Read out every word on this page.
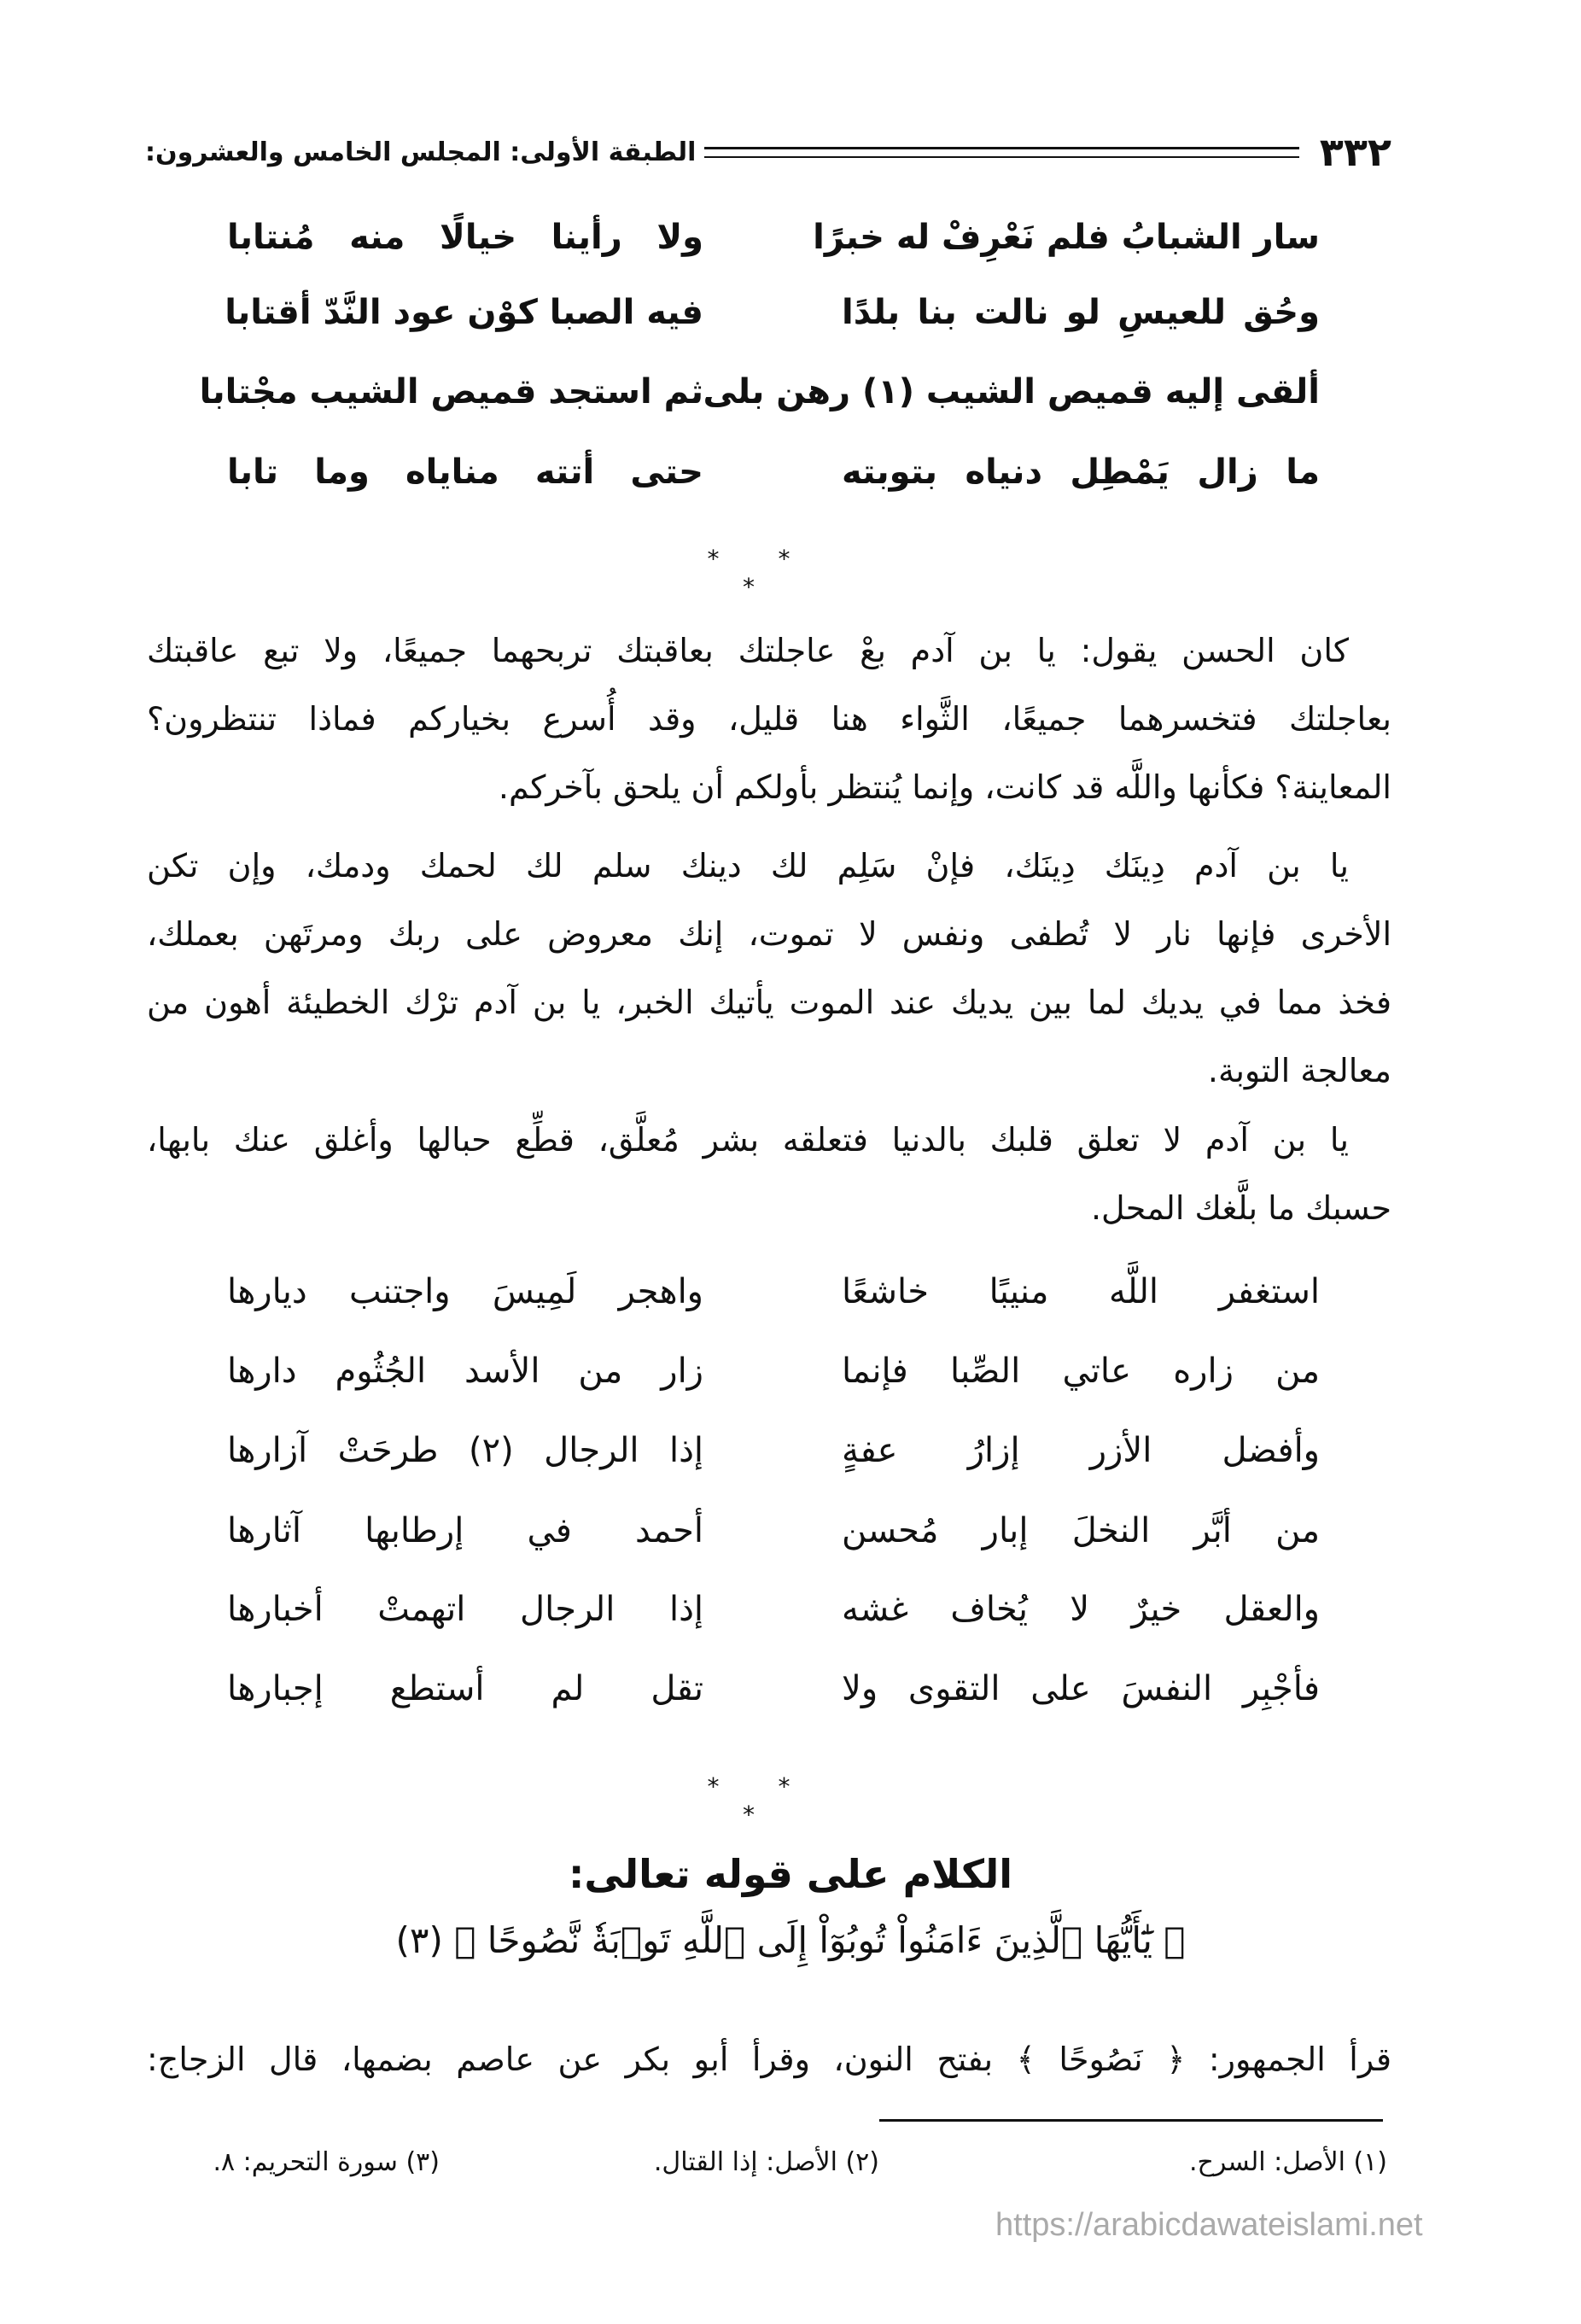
٣٣٢
الطبقة الأولى: المجلس الخامس والعشرون:
سار الشبابُ فلم نَعْرِفْ له خبرًا
ولا رأينا خيالًا منه مُنتابا
وحُق للعيسِ لو نالت بنا بلدًا
فيه الصبا كوْن عود النَّدّ أقتابا
ألقى إليه قميص الشيب (١) رهن بلى
ثم استجد قميص الشيب مجْتابا
ما زال يَمْطِل دنياه بتوبته
حتى أتته مناياه وما تابا
* * *
كان الحسن يقول: يا بن آدم بعْ عاجلتك بعاقبتك تربحهما جميعًا، ولا تبع عاقبتك
بعاجلتك فتخسرهما جميعًا، الثَّواء هنا قليل، وقد أُسرع بخياركم فماذا تنتظرون؟
المعاينة؟ فكأنها واللَّه قد كانت، وإنما يُنتظر بأولكم أن يلحق بآخركم.
يا بن آدم دِينَك دِينَك، فإنْ سَلِم لك دينك سلم لك لحمك ودمك، وإن تكن
الأخرى فإنها نار لا تُطفى ونفس لا تموت، إنك معروض على ربك ومرتَهن بعملك،
فخذ مما في يديك لما بين يديك عند الموت يأتيك الخبر، يا بن آدم ترْك الخطيئة أهون من
معالجة التوبة.
يا بن آدم لا تعلق قلبك بالدنيا فتعلقه بشر مُعلَّق، قطِّع حبالها وأغلق عنك بابها،
حسبك ما بلَّغك المحل.
استغفر اللَّه منيبًا خاشعًا
واهجر لَمِيسَ واجتنب ديارها
من زاره عاتي الصِّبا فإنما
زار من الأسد الجُثُوم دارها
وأفضل الأزر إزارُ عفةٍ
إذا الرجال (٢) طرحَتْ آزارها
من أبَّر النخلَ إبار مُحسن
أحمد في إرطابها آثارها
والعقل خيرٌ لا يُخاف غشه
إذا الرجال اتهمتْ أخبارها
فأجْبِر النفسَ على التقوى ولا
تقل لم أستطع إجبارها
* * *
الكلام على قوله تعالى:
﴿ يَٰٓأَيُّهَا ٱلَّذِينَ ءَامَنُواْ تُوبُوٓاْ إِلَى ٱللَّهِ تَوۡبَةٗ نَّصُوحًا ﴾ (٣)
قرأ الجمهور: ﴿ نَصُوحًا ﴾ بفتح النون، وقرأ أبو بكر عن عاصم بضمها، قال الزجاج:
(١) الأصل: السرح.
(٢) الأصل: إذا القتال.
(٣) سورة التحريم: ٨.
https://arabicdawateislami.net
